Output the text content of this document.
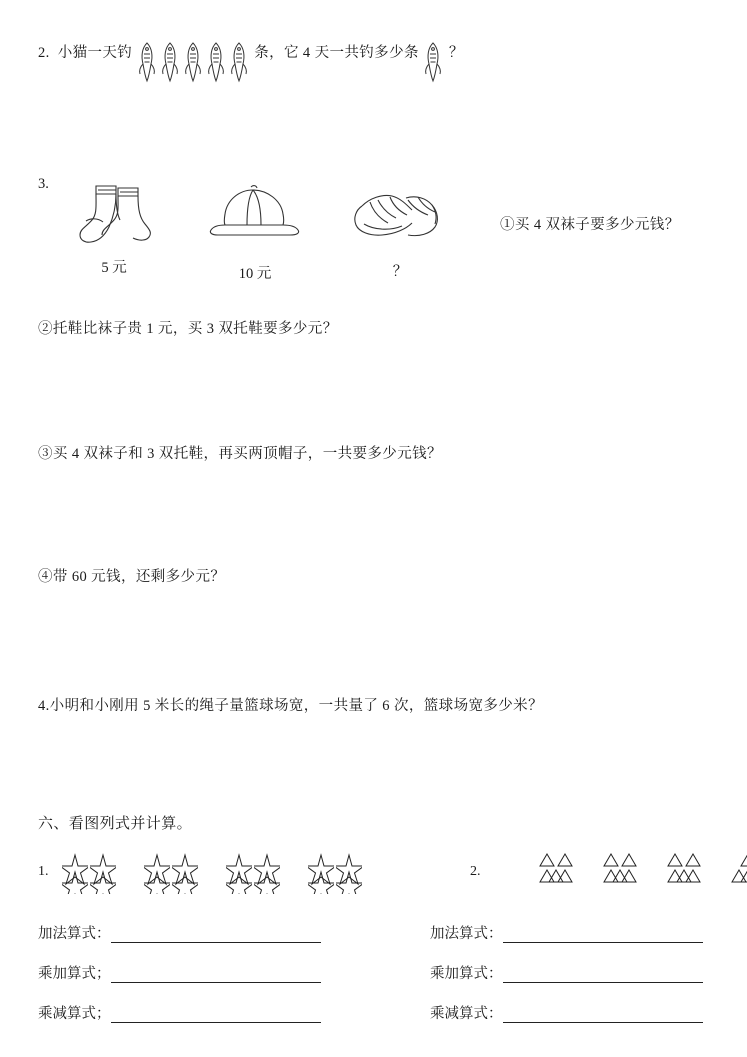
2. 小猫一天钓	条，它 4 天一共钓多少条 ？
3.
5 元	10 元	？
①买 4 双袜子要多少元钱？
②托鞋比袜子贵 1 元，买 3 双托鞋要多少元？
③买 4 双袜子和 3 双托鞋，再买两顶帽子，一共要多少元钱？
④带 60 元钱，还剩多少元？
4.小明和小刚用 5 米长的绳子量篮球场宽，一共量了 6 次，篮球场宽多少米？
六、看图列式并计算。
1.	2.
加法算式：	加法算式：
乘加算式；	乘加算式：
乘减算式；	乘减算式：
